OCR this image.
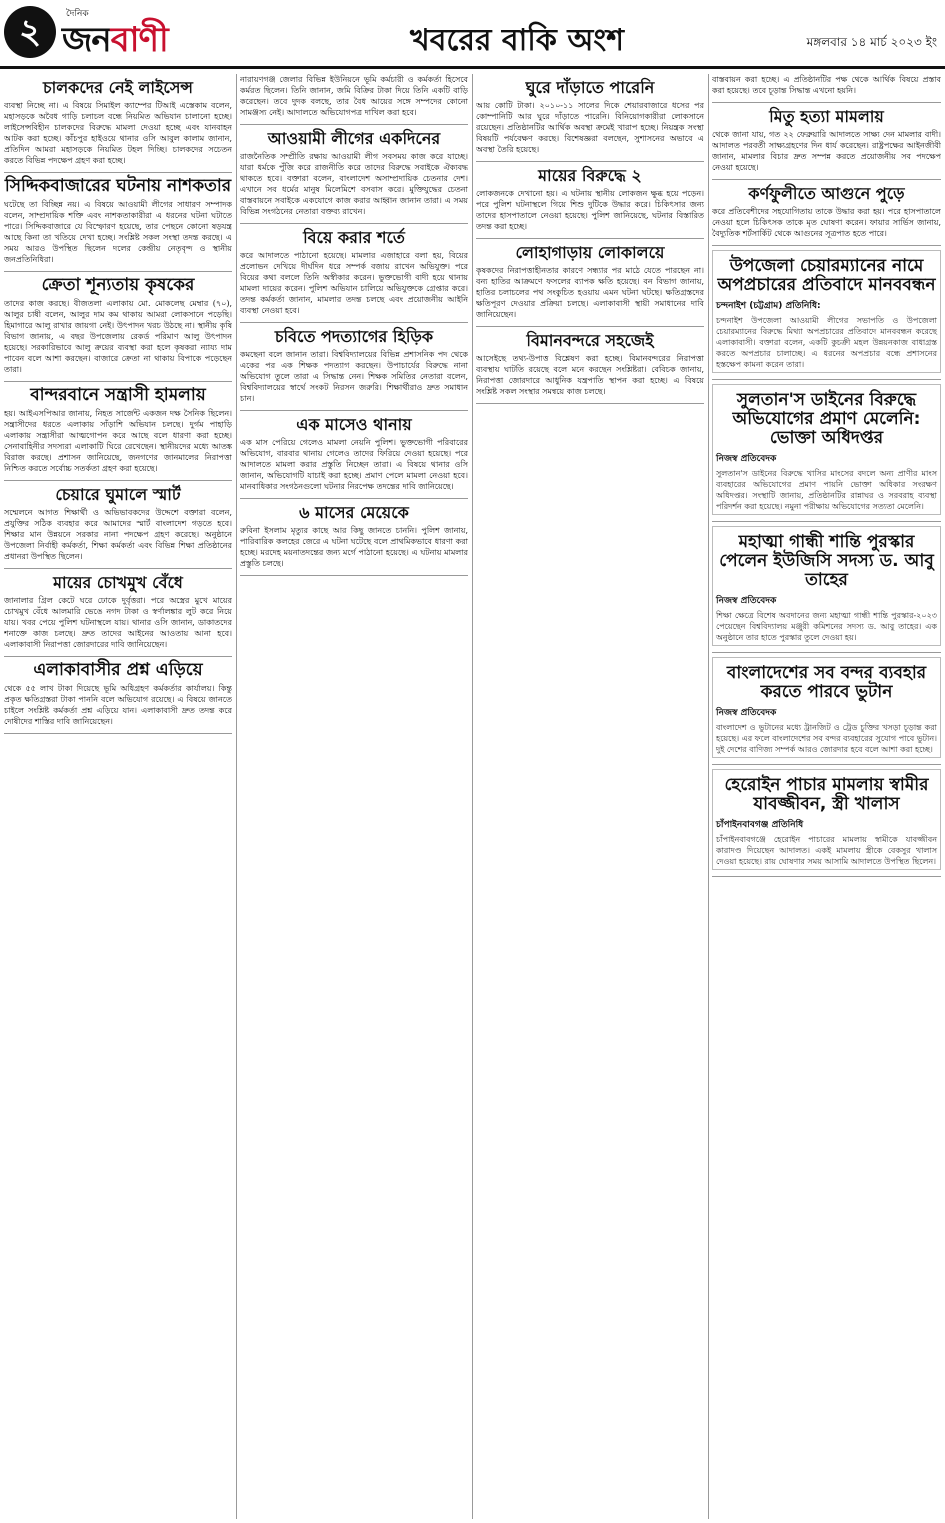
২	দৈনিক
জনবাণী	খবরের বাকি অংশ	মঙ্গলবার ১৪ মার্চ ২০২৩ ইং
চালকদের নেই লাইসেন্স

ব্যবস্থা নিচ্ছে না। এ বিষয়ে সিমাইল ক্যাম্পের টিআই এস্তেকাম বলেন, মহাসড়কে অবৈধ গাড়ি চলাচল বন্ধে নিয়মিত অভিযান চালানো হচ্ছে। লাইসেন্সবিহীন চালকদের বিরুদ্ধে মামলা দেওয়া হচ্ছে এবং যানবাহন আটক করা হচ্ছে। কাঁচপুর হাইওয়ে থানার ওসি আবুল কালাম জানান, প্রতিদিন আমরা মহাসড়কে নিয়মিত টহল দিচ্ছি। চালকদের সচেতন করতে বিভিন্ন পদক্ষেপ গ্রহণ করা হচ্ছে।

সিদ্দিকবাজারের ঘটনায় নাশকতার

ঘটেছে তা বিচ্ছিন্ন নয়। এ বিষয়ে আওয়ামী লীগের সাধারণ সম্পাদক বলেন, সাম্প্রদায়িক শক্তি এবং নাশকতাকারীরা এ ধরনের ঘটনা ঘটাতে পারে। সিদ্দিকবাজারে যে বিস্ফোরণ হয়েছে, তার পেছনে কোনো ষড়যন্ত্র আছে কিনা তা খতিয়ে দেখা হচ্ছে। সংশ্লিষ্ট সকল সংস্থা তদন্ত করছে। এ সময় আরও উপস্থিত ছিলেন দলের কেন্দ্রীয় নেতৃবৃন্দ ও স্থানীয় জনপ্রতিনিধিরা।

ক্রেতা শূন্যতায় কৃষকের

তাদের কাজ করছে। বীজতলা এলাকায় মো. মোকলেছ মেম্বার (৭০), আলুর চাষী বলেন, আলুর দাম কম থাকায় আমরা লোকসানে পড়েছি। হিমাগারে আলু রাখার জায়গা নেই। উৎপাদন খরচ উঠছে না। স্থানীয় কৃষি বিভাগ জানায়, এ বছর উপজেলায় রেকর্ড পরিমাণ আলু উৎপাদন হয়েছে। সরকারিভাবে আলু ক্রয়ের ব্যবস্থা করা হলে কৃষকরা ন্যায্য দাম পাবেন বলে আশা করছেন। বাজারে ক্রেতা না থাকায় বিপাকে পড়েছেন তারা।

বান্দরবানে সন্ত্রাসী হামলায়

হয়। আইএসপিআর জানায়, নিহত সার্জেন্ট একজন দক্ষ সৈনিক ছিলেন। সন্ত্রাসীদের ধরতে এলাকায় সাঁড়াশি অভিযান চলছে। দুর্গম পাহাড়ি এলাকায় সন্ত্রাসীরা আত্মগোপন করে আছে বলে ধারণা করা হচ্ছে। সেনাবাহিনীর সদস্যরা এলাকাটি ঘিরে রেখেছেন। স্থানীয়দের মধ্যে আতঙ্ক বিরাজ করছে। প্রশাসন জানিয়েছে, জনগণের জানমালের নিরাপত্তা নিশ্চিত করতে সর্বোচ্চ সতর্কতা গ্রহণ করা হয়েছে।

চেয়ারে ঘুমালে স্মার্ট

সম্মেলনে আগত শিক্ষার্থী ও অভিভাবকদের উদ্দেশে বক্তারা বলেন, প্রযুক্তির সঠিক ব্যবহার করে আমাদের স্মার্ট বাংলাদেশ গড়তে হবে। শিক্ষার মান উন্নয়নে সরকার নানা পদক্ষেপ গ্রহণ করেছে। অনুষ্ঠানে উপজেলা নির্বাহী কর্মকর্তা, শিক্ষা কর্মকর্তা এবং বিভিন্ন শিক্ষা প্রতিষ্ঠানের প্রধানরা উপস্থিত ছিলেন।

মায়ের চোখমুখ বেঁধে

জানালার গ্রিল কেটে ঘরে ঢোকে দুর্বৃত্তরা। পরে অস্ত্রের মুখে মায়ের চোখমুখ বেঁধে আলমারি ভেঙে নগদ টাকা ও স্বর্ণালঙ্কার লুট করে নিয়ে যায়। খবর পেয়ে পুলিশ ঘটনাস্থলে যায়। থানার ওসি জানান, ডাকাতদের শনাক্তে কাজ চলছে। দ্রুত তাদের আইনের আওতায় আনা হবে। এলাকাবাসী নিরাপত্তা জোরদারের দাবি জানিয়েছেন।

এলাকাবাসীর প্রশ্ন এড়িয়ে

থেকে ৫৫ লাখ টাকা দিয়েছে ভূমি অধিগ্রহণ কর্মকর্তার কার্যালয়। কিন্তু প্রকৃত ক্ষতিগ্রস্তরা টাকা পাননি বলে অভিযোগ রয়েছে। এ বিষয়ে জানতে চাইলে সংশ্লিষ্ট কর্মকর্তা প্রশ্ন এড়িয়ে যান। এলাকাবাসী দ্রুত তদন্ত করে দোষীদের শাস্তির দাবি জানিয়েছেন।

নারায়ণগঞ্জ জেলার বিভিন্ন ইউনিয়নে ভূমি কর্মচারী ও কর্মকর্তা হিসেবে কর্মরত ছিলেন। তিনি জানান, জমি বিক্রির টাকা দিয়ে তিনি একটি বাড়ি করেছেন। তবে দুদক বলছে, তার বৈধ আয়ের সঙ্গে সম্পদের কোনো সামঞ্জস্য নেই। আদালতে অভিযোগপত্র দাখিল করা হবে।

আওয়ামী লীগের একদিনের

রাজনৈতিক সম্প্রীতি রক্ষায় আওয়ামী লীগ সবসময় কাজ করে যাচ্ছে। যারা ধর্মকে পুঁজি করে রাজনীতি করে তাদের বিরুদ্ধে সবাইকে ঐক্যবদ্ধ থাকতে হবে। বক্তারা বলেন, বাংলাদেশ অসাম্প্রদায়িক চেতনার দেশ। এখানে সব ধর্মের মানুষ মিলেমিশে বসবাস করে। মুক্তিযুদ্ধের চেতনা বাস্তবায়নে সবাইকে একযোগে কাজ করার আহ্বান জানান তারা। এ সময় বিভিন্ন সংগঠনের নেতারা বক্তব্য রাখেন।

বিয়ে করার শর্তে

করে আদালতে পাঠানো হয়েছে। মামলার এজাহারে বলা হয়, বিয়ের প্রলোভন দেখিয়ে দীর্ঘদিন ধরে সম্পর্ক বজায় রাখেন অভিযুক্ত। পরে বিয়ের কথা বললে তিনি অস্বীকার করেন। ভুক্তভোগী বাদী হয়ে থানায় মামলা দায়ের করেন। পুলিশ অভিযান চালিয়ে অভিযুক্তকে গ্রেপ্তার করে। তদন্ত কর্মকর্তা জানান, মামলার তদন্ত চলছে এবং প্রয়োজনীয় আইনি ব্যবস্থা নেওয়া হবে।

চবিতে পদত্যাগের হিড়িক

কমছেনা বলে জানান তারা। বিশ্ববিদ্যালয়ের বিভিন্ন প্রশাসনিক পদ থেকে একের পর এক শিক্ষক পদত্যাগ করছেন। উপাচার্যের বিরুদ্ধে নানা অভিযোগ তুলে তারা এ সিদ্ধান্ত নেন। শিক্ষক সমিতির নেতারা বলেন, বিশ্ববিদ্যালয়ের স্বার্থে সংকট নিরসন জরুরি। শিক্ষার্থীরাও দ্রুত সমাধান চান।

এক মাসেও থানায়

এক মাস পেরিয়ে গেলেও মামলা নেয়নি পুলিশ। ভুক্তভোগী পরিবারের অভিযোগ, বারবার থানায় গেলেও তাদের ফিরিয়ে দেওয়া হয়েছে। পরে আদালতে মামলা করার প্রস্তুতি নিচ্ছেন তারা। এ বিষয়ে থানার ওসি জানান, অভিযোগটি যাচাই করা হচ্ছে। প্রমাণ পেলে মামলা নেওয়া হবে। মানবাধিকার সংগঠনগুলো ঘটনার নিরপেক্ষ তদন্তের দাবি জানিয়েছে।

৬ মাসের মেয়েকে

রুবিনা ইসলাম মৃত্যুর কাছে আর কিছু জানতে চাননি। পুলিশ জানায়, পারিবারিক কলহের জেরে এ ঘটনা ঘটেছে বলে প্রাথমিকভাবে ধারণা করা হচ্ছে। মরদেহ ময়নাতদন্তের জন্য মর্গে পাঠানো হয়েছে। এ ঘটনায় মামলার প্রস্তুতি চলছে।

ঘুরে দাঁড়াতে পারেনি

আয় কোটি টাকা। ২০১০-১১ সালের দিকে শেয়ারবাজারে ধসের পর কোম্পানিটি আর ঘুরে দাঁড়াতে পারেনি। বিনিয়োগকারীরা লোকসানে রয়েছেন। প্রতিষ্ঠানটির আর্থিক অবস্থা ক্রমেই খারাপ হচ্ছে। নিয়ন্ত্রক সংস্থা বিষয়টি পর্যবেক্ষণ করছে। বিশেষজ্ঞরা বলছেন, সুশাসনের অভাবে এ অবস্থা তৈরি হয়েছে।

মায়ের বিরুদ্ধে ২

লোকজনকে দেখানো হয়। এ ঘটনায় স্থানীয় লোকজন ক্ষুব্ধ হয়ে পড়েন। পরে পুলিশ ঘটনাস্থলে গিয়ে শিশু দুটিকে উদ্ধার করে। চিকিৎসার জন্য তাদের হাসপাতালে নেওয়া হয়েছে। পুলিশ জানিয়েছে, ঘটনার বিস্তারিত তদন্ত করা হচ্ছে।

লোহাগাড়ায় লোকালয়ে

কৃষকদের নিরাপত্তাহীনতার কারণে সন্ধ্যার পর মাঠে যেতে পারছেন না। বন্য হাতির আক্রমণে ফসলের ব্যাপক ক্ষতি হয়েছে। বন বিভাগ জানায়, হাতির চলাচলের পথ সংকুচিত হওয়ায় এমন ঘটনা ঘটছে। ক্ষতিগ্রস্তদের ক্ষতিপূরণ দেওয়ার প্রক্রিয়া চলছে। এলাকাবাসী স্থায়ী সমাধানের দাবি জানিয়েছেন।

বিমানবন্দরে সহজেই

আসেইছে তথ্য-উপাত্ত বিশ্লেষণ করা হচ্ছে। বিমানবন্দরের নিরাপত্তা ব্যবস্থায় ঘাটতি রয়েছে বলে মনে করছেন সংশ্লিষ্টরা। বেবিচক জানায়, নিরাপত্তা জোরদারে আধুনিক যন্ত্রপাতি স্থাপন করা হচ্ছে। এ বিষয়ে সংশ্লিষ্ট সকল সংস্থার সমন্বয়ে কাজ চলছে।

বাস্তবায়ন করা হচ্ছে। এ প্রতিষ্ঠানটির পক্ষ থেকে আর্থিক বিষয়ে প্রস্তাব করা হয়েছে। তবে চূড়ান্ত সিদ্ধান্ত এখনো হয়নি।

মিতু হত্যা মামলায়

থেকে জানা যায়, গত ২২ ফেব্রুয়ারি আদালতে সাক্ষ্য দেন মামলার বাদী। আদালত পরবর্তী সাক্ষ্যগ্রহণের দিন ধার্য করেছেন। রাষ্ট্রপক্ষের আইনজীবী জানান, মামলার বিচার দ্রুত সম্পন্ন করতে প্রয়োজনীয় সব পদক্ষেপ নেওয়া হয়েছে।

কর্ণফুলীতে আগুনে পুড়ে

করে প্রতিবেশীদের সহযোগিতায় তাকে উদ্ধার করা হয়। পরে হাসপাতালে নেওয়া হলে চিকিৎসক তাকে মৃত ঘোষণা করেন। ফায়ার সার্ভিস জানায়, বৈদ্যুতিক শর্টসার্কিট থেকে আগুনের সূত্রপাত হতে পারে।

উপজেলা চেয়ারম্যানের নামে অপপ্রচারের প্রতিবাদে মানববন্ধন
চন্দনাইশ (চট্টগ্রাম) প্রতিনিধি:

চন্দনাইশ উপজেলা আওয়ামী লীগের সভাপতি ও উপজেলা চেয়ারম্যানের বিরুদ্ধে মিথ্যা অপপ্রচারের প্রতিবাদে মানববন্ধন করেছে এলাকাবাসী। বক্তারা বলেন, একটি কুচক্রী মহল উন্নয়নকাজ বাধাগ্রস্ত করতে অপপ্রচার চালাচ্ছে। এ ধরনের অপপ্রচার বন্ধে প্রশাসনের হস্তক্ষেপ কামনা করেন তারা।

সুলতান'স ডাইনের বিরুদ্ধে অভিযোগের প্রমাণ মেলেনি: ভোক্তা অধিদপ্তর
নিজস্ব প্রতিবেদক

সুলতান'স ডাইনের বিরুদ্ধে খাসির মাংসের বদলে অন্য প্রাণীর মাংস ব্যবহারের অভিযোগের প্রমাণ পায়নি ভোক্তা অধিকার সংরক্ষণ অধিদপ্তর। সংস্থাটি জানায়, প্রতিষ্ঠানটির রান্নাঘর ও সরবরাহ ব্যবস্থা পরিদর্শন করা হয়েছে। নমুনা পরীক্ষায় অভিযোগের সত্যতা মেলেনি।

মহাত্মা গান্ধী শান্তি পুরস্কার পেলেন ইউজিসি সদস্য ড. আবু তাহের
নিজস্ব প্রতিবেদক

শিক্ষা ক্ষেত্রে বিশেষ অবদানের জন্য মহাত্মা গান্ধী শান্তি পুরস্কার-২০২৩ পেয়েছেন বিশ্ববিদ্যালয় মঞ্জুরী কমিশনের সদস্য ড. আবু তাহের। এক অনুষ্ঠানে তার হাতে পুরস্কার তুলে দেওয়া হয়।

বাংলাদেশের সব বন্দর ব্যবহার করতে পারবে ভুটান
নিজস্ব প্রতিবেদক

বাংলাদেশ ও ভুটানের মধ্যে ট্রানজিট ও ট্রেড চুক্তির খসড়া চূড়ান্ত করা হয়েছে। এর ফলে বাংলাদেশের সব বন্দর ব্যবহারের সুযোগ পাবে ভুটান। দুই দেশের বাণিজ্য সম্পর্ক আরও জোরদার হবে বলে আশা করা হচ্ছে।

হেরোইন পাচার মামলায় স্বামীর যাবজ্জীবন, স্ত্রী খালাস
চাঁপাইনবাবগঞ্জ প্রতিনিধি

চাঁপাইনবাবগঞ্জে হেরোইন পাচারের মামলায় স্বামীকে যাবজ্জীবন কারাদণ্ড দিয়েছেন আদালত। একই মামলায় স্ত্রীকে বেকসুর খালাস দেওয়া হয়েছে। রায় ঘোষণার সময় আসামি আদালতে উপস্থিত ছিলেন।
